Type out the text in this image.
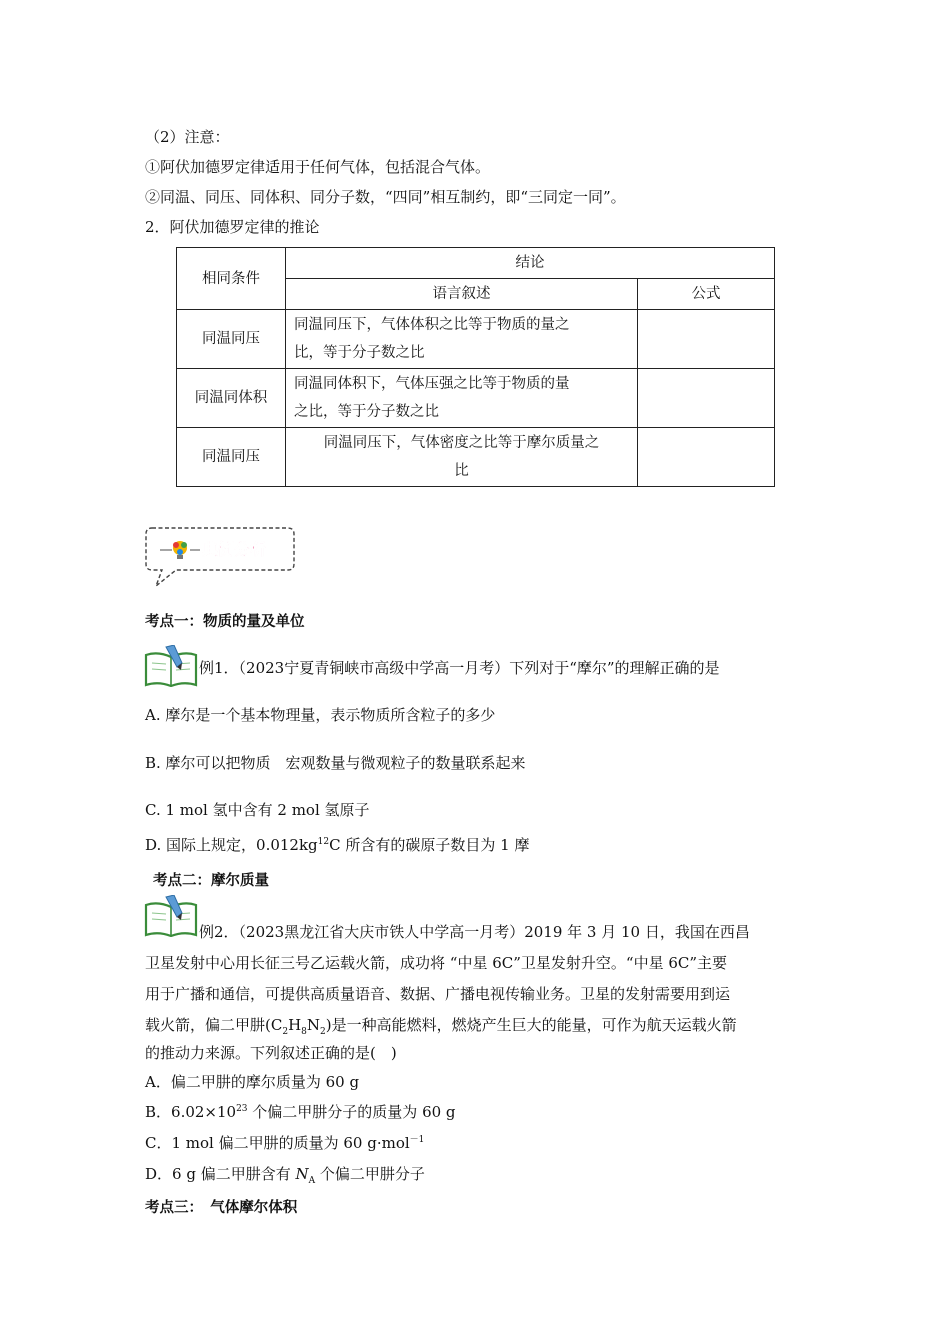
（2）注意：
①阿伏加德罗定律适用于任何气体，包括混合气体。
②同温、同压、同体积、同分子数，“四同”相互制约，即“三同定一同”。
2．阿伏加德罗定律的推论
相同条件	结论	
	语言叙述	公式
同温同压	同温同压下，气体体积之比等于物质的量之
比，等于分子数之比	
同温同体积	同温同体积下，气体压强之比等于物质的量
之比，等于分子数之比	
同温同压	同温同压下，气体密度之比等于摩尔质量之
比	
典例分析
考点一：物质的量及单位
例1．（2023宁夏青铜峡市高级中学高一月考）下列对于“摩尔”的理解正确的是
A. 摩尔是一个基本物理量，表示物质所含粒子的多少
B. 摩尔可以把物质　宏观数量与微观粒子的数量联系起来
C. 1 mol 氢中含有 2 mol 氢原子
D. 国际上规定，$0.012kg^{12}C$ 所含有的碳原子数目为 1 摩
考点二：摩尔质量
例2．（2023黑龙江省大庆市铁人中学高一月考）2019 年 3 月 10 日，我国在西昌
卫星发射中心用长征三号乙运载火箭，成功将 “中星 6C”卫星发射升空。“中星 6C”主要
用于广播和通信，可提供高质量语音、数据、广播电视传输业务。卫星的发射需要用到运
载火箭，偏二甲肼$(C_2H_8N_2)$是一种高能燃料，燃烧产生巨大的能量，可作为航天运载火箭
的推动力来源。下列叙述正确的是(　)
A．偏二甲肼的摩尔质量为 60 g
B．$6.02\times 10^{23}$ 个偏二甲肼分子的质量为 60 g
C．1 mol 偏二甲肼的质量为 60 g·mol$^{-1}$
D．6 g 偏二甲肼含有 $N_A$ 个偏二甲肼分子
考点三：　气体摩尔体积
